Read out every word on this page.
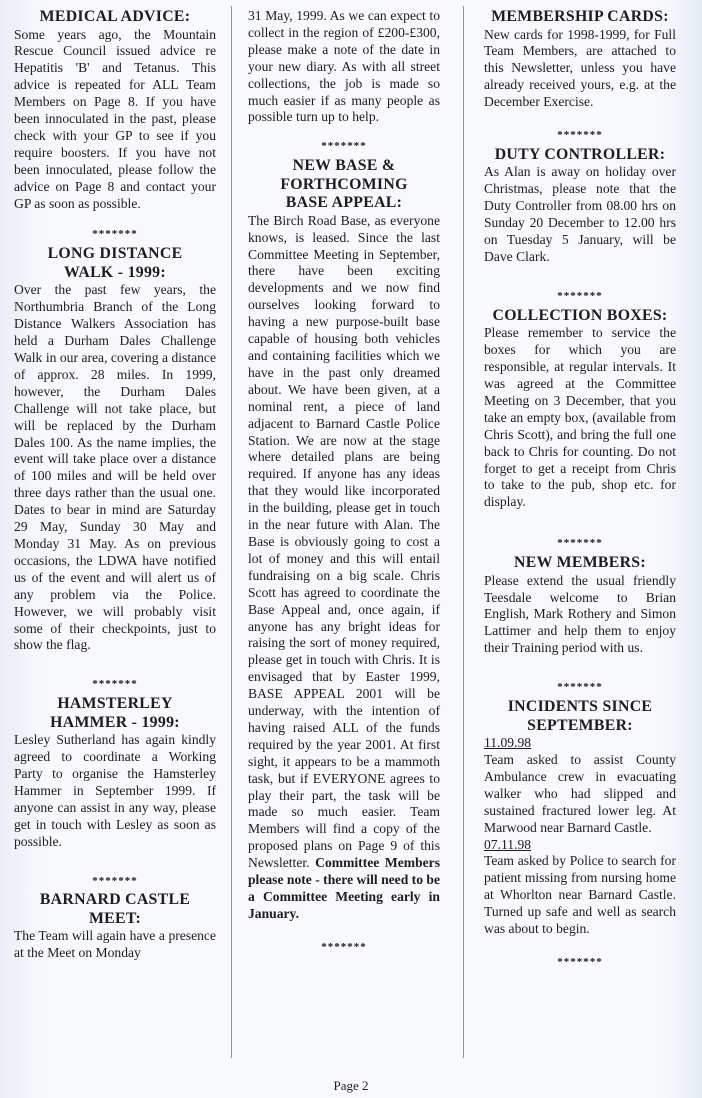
MEDICAL ADVICE:

Some years ago, the Mountain Rescue Council issued advice re Hepatitis 'B' and Tetanus. This advice is repeated for ALL Team Members on Page 8. If you have been innoculated in the past, please check with your GP to see if you require boosters. If you have not been innoculated, please follow the advice on Page 8 and contact your GP as soon as possible.

*******
LONG DISTANCE
WALK - 1999:

Over the past few years, the Northumbria Branch of the Long Distance Walkers Association has held a Durham Dales Challenge Walk in our area, covering a distance of approx. 28 miles. In 1999, however, the Durham Dales Challenge will not take place, but will be replaced by the Durham Dales 100. As the name implies, the event will take place over a distance of 100 miles and will be held over three days rather than the usual one. Dates to bear in mind are Saturday 29 May, Sunday 30 May and Monday 31 May. As on previous occasions, the LDWA have notified us of the event and will alert us of any problem via the Police. However, we will probably visit some of their checkpoints, just to show the flag.

*******
HAMSTERLEY
HAMMER - 1999:

Lesley Sutherland has again kindly agreed to coordinate a Working Party to organise the Hamsterley Hammer in September 1999. If anyone can assist in any way, please get in touch with Lesley as soon as possible.

*******
BARNARD CASTLE
MEET:

The Team will again have a presence at the Meet on Monday

31 May, 1999. As we can expect to collect in the region of £200-£300, please make a note of the date in your new diary. As with all street collections, the job is made so much easier if as many people as possible turn up to help.

*******
NEW BASE &
FORTHCOMING
BASE APPEAL:

The Birch Road Base, as everyone knows, is leased. Since the last Committee Meeting in September, there have been exciting developments and we now find ourselves looking forward to having a new purpose-built base capable of housing both vehicles and containing facilities which we have in the past only dreamed about. We have been given, at a nominal rent, a piece of land adjacent to Barnard Castle Police Station. We are now at the stage where detailed plans are being required. If anyone has any ideas that they would like incorporated in the building, please get in touch in the near future with Alan. The Base is obviously going to cost a lot of money and this will entail fundraising on a big scale. Chris Scott has agreed to coordinate the Base Appeal and, once again, if anyone has any bright ideas for raising the sort of money required, please get in touch with Chris. It is envisaged that by Easter 1999, BASE APPEAL 2001 will be underway, with the intention of having raised ALL of the funds required by the year 2001. At first sight, it appears to be a mammoth task, but if EVERYONE agrees to play their part, the task will be made so much easier. Team Members will find a copy of the proposed plans on Page 9 of this Newsletter. Committee Members please note - there will need to be a Committee Meeting early in January.

*******
MEMBERSHIP CARDS:

New cards for 1998-1999, for Full Team Members, are attached to this Newsletter, unless you have already received yours, e.g. at the December Exercise.

*******
DUTY CONTROLLER:

As Alan is away on holiday over Christmas, please note that the Duty Controller from 08.00 hrs on Sunday 20 December to 12.00 hrs on Tuesday 5 January, will be Dave Clark.

*******
COLLECTION BOXES:

Please remember to service the boxes for which you are responsible, at regular intervals. It was agreed at the Committee Meeting on 3 December, that you take an empty box, (available from Chris Scott), and bring the full one back to Chris for counting. Do not forget to get a receipt from Chris to take to the pub, shop etc. for display.

*******
NEW MEMBERS:

Please extend the usual friendly Teesdale welcome to Brian English, Mark Rothery and Simon Lattimer and help them to enjoy their Training period with us.

*******
INCIDENTS SINCE
SEPTEMBER:

11.09.98

Team asked to assist County Ambulance crew in evacuating walker who had slipped and sustained fractured lower leg. At Marwood near Barnard Castle.

07.11.98

Team asked by Police to search for patient missing from nursing home at Whorlton near Barnard Castle. Turned up safe and well as search was about to begin.

*******
Page 2
